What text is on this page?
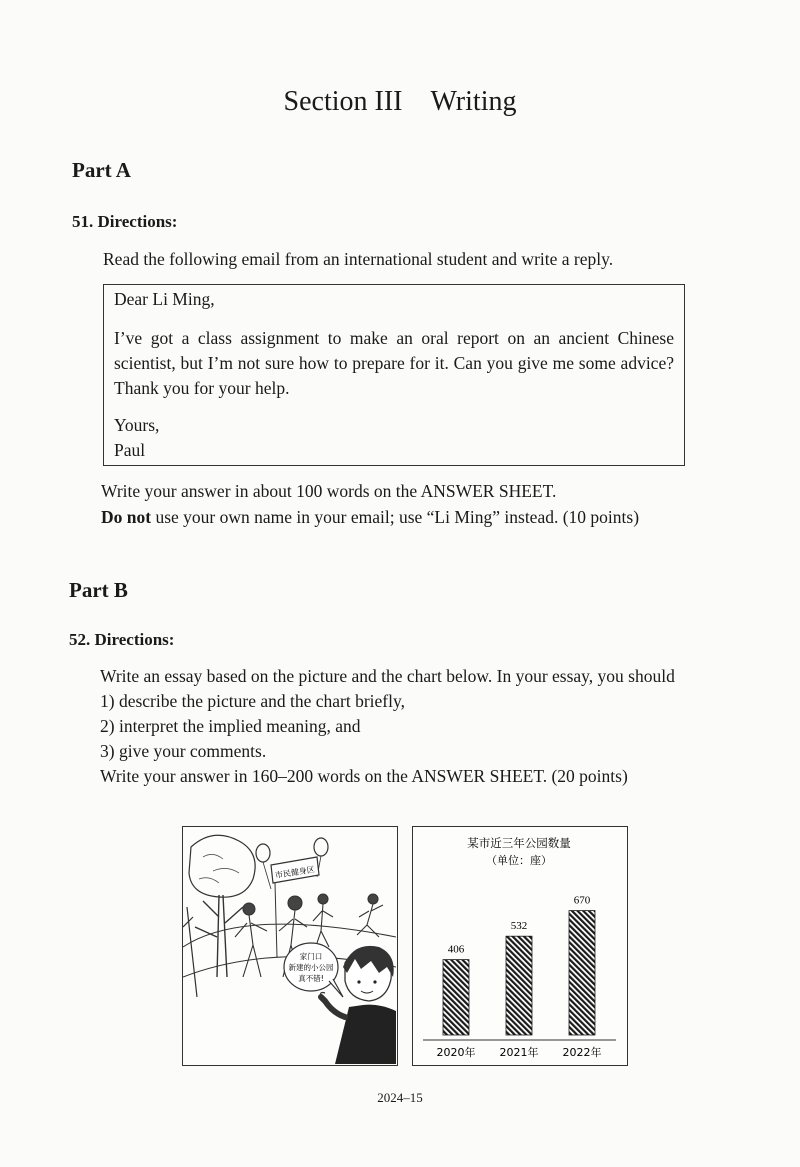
Section III Writing
Part A
51. Directions:
Read the following email from an international student and write a reply.

Dear Li Ming,

I’ve got a class assignment to make an oral report on an ancient Chinese scientist, but I’m not sure how to prepare for it. Can you give me some advice? Thank you for your help.

Yours,

Paul

Write your answer in about 100 words on the ANSWER SHEET.
Do not use your own name in your email; use “Li Ming” instead. (10 points)
Part B
52. Directions:

Write an essay based on the picture and the chart below. In your essay, you should

1) describe the picture and the chart briefly,

2) interpret the implied meaning, and

3) give your comments.

Write your answer in 160–200 words on the ANSWER SHEET. (20 points)

市民健身区
家门口
新建的小公园
真不错!
某市近三年公园数量
（单位：座）
406
2020年
532
2021年
670
2022年
2024–15
